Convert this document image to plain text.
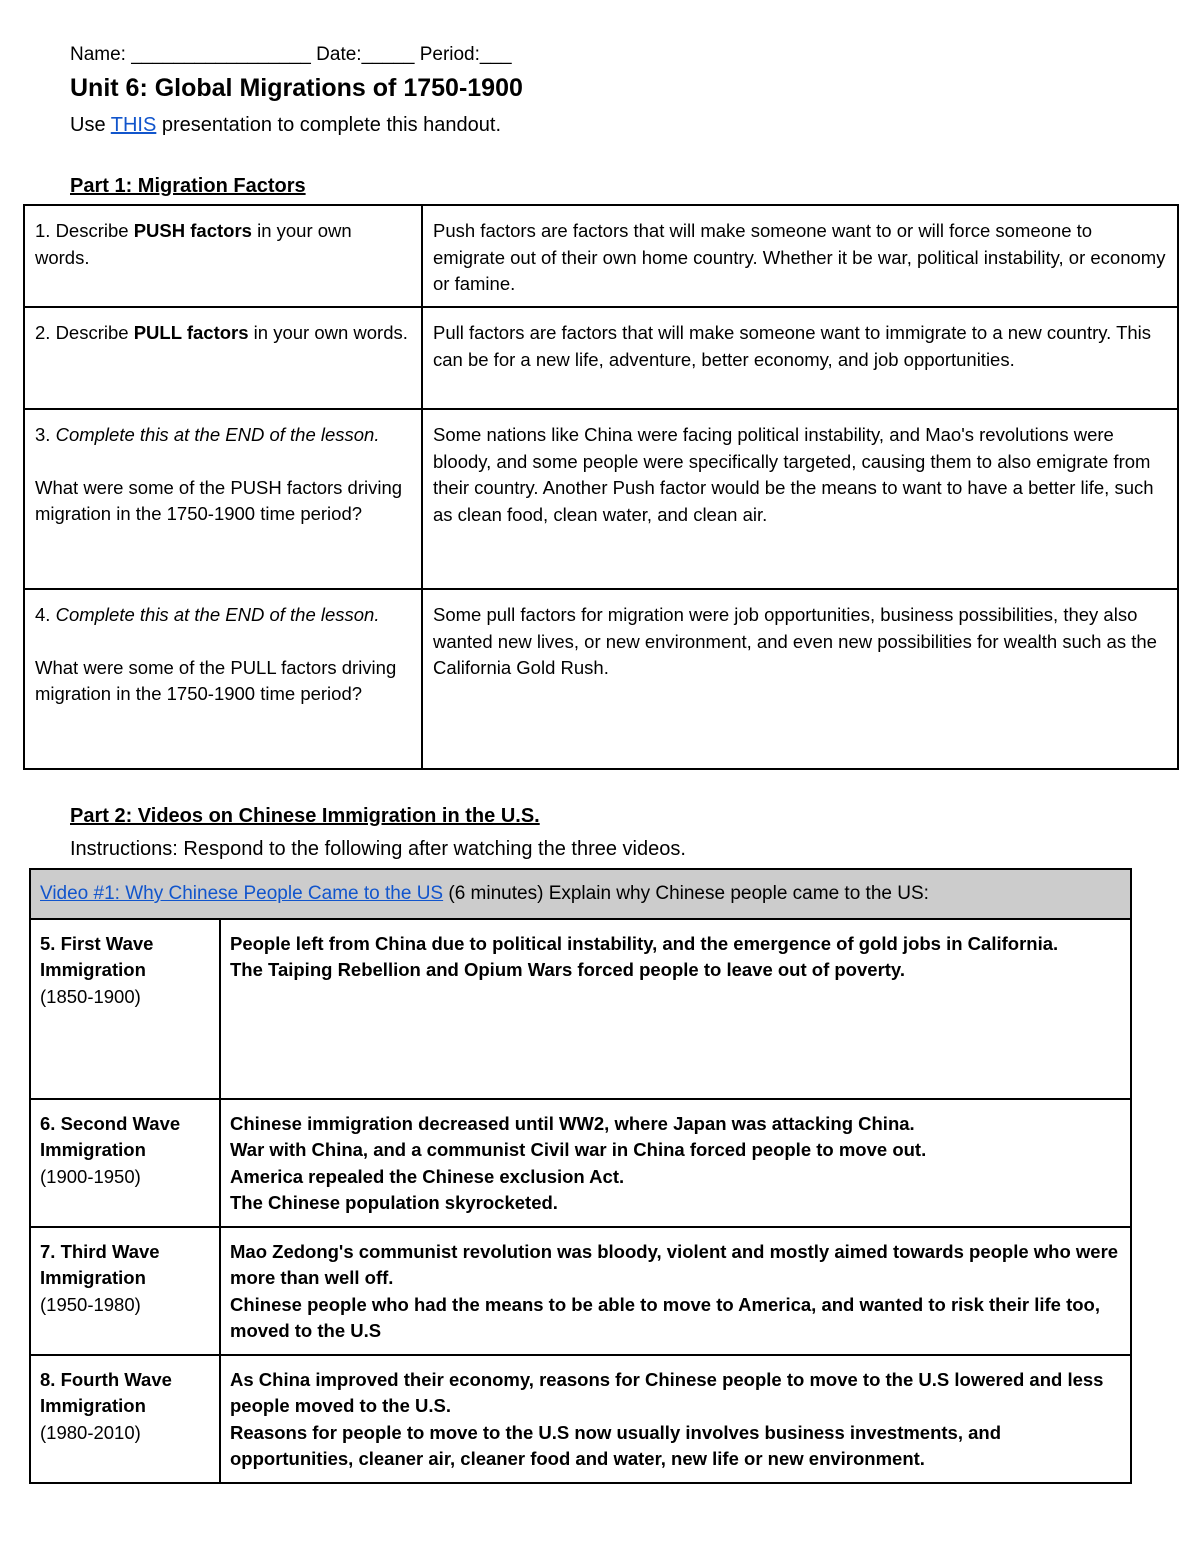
Name: _________________ Date:_____ Period:___
Unit 6: Global Migrations of 1750-1900
Use THIS presentation to complete this handout.
Part 1: Migration Factors
1. Describe PUSH factors in your own words.	Push factors are factors that will make someone want to or will force someone to emigrate out of their own home country. Whether it be war, political instability, or economy or famine.
2. Describe PULL factors in your own words.	Pull factors are factors that will make someone want to immigrate to a new country. This can be for a new life, adventure, better economy, and job opportunities.
3. Complete this at the END of the lesson.
What were some of the PUSH factors driving migration in the 1750-1900 time period?	Some nations like China were facing political instability, and Mao's revolutions were bloody, and some people were specifically targeted, causing them to also emigrate from their country. Another Push factor would be the means to want to have a better life, such as clean food, clean water, and clean air.
4. Complete this at the END of the lesson.
What were some of the PULL factors driving migration in the 1750-1900 time period?	Some pull factors for migration were job opportunities, business possibilities, they also wanted new lives, or new environment, and even new possibilities for wealth such as the California Gold Rush.
Part 2: Videos on Chinese Immigration in the U.S.
Instructions: Respond to the following after watching the three videos.
Video #1: Why Chinese People Came to the US (6 minutes) Explain why Chinese people came to the US:	

5. First Wave Immigration
(1850-1900)	People left from China due to political instability, and the emergence of gold jobs in California.
The Taiping Rebellion and Opium Wars forced people to leave out of poverty.

6. Second Wave Immigration
(1900-1950)	Chinese immigration decreased until WW2, where Japan was attacking China.
War with China, and a communist Civil war in China forced people to move out.
America repealed the Chinese exclusion Act.
The Chinese population skyrocketed.

7. Third Wave Immigration
(1950-1980)	Mao Zedong's communist revolution was bloody, violent and mostly aimed towards people who were more than well off.
Chinese people who had the means to be able to move to America, and wanted to risk their life too, moved to the U.S

8. Fourth Wave Immigration
(1980-2010)	As China improved their economy, reasons for Chinese people to move to the U.S lowered and less people moved to the U.S.
Reasons for people to move to the U.S now usually involves business investments, and opportunities, cleaner air, cleaner food and water, new life or new environment.
